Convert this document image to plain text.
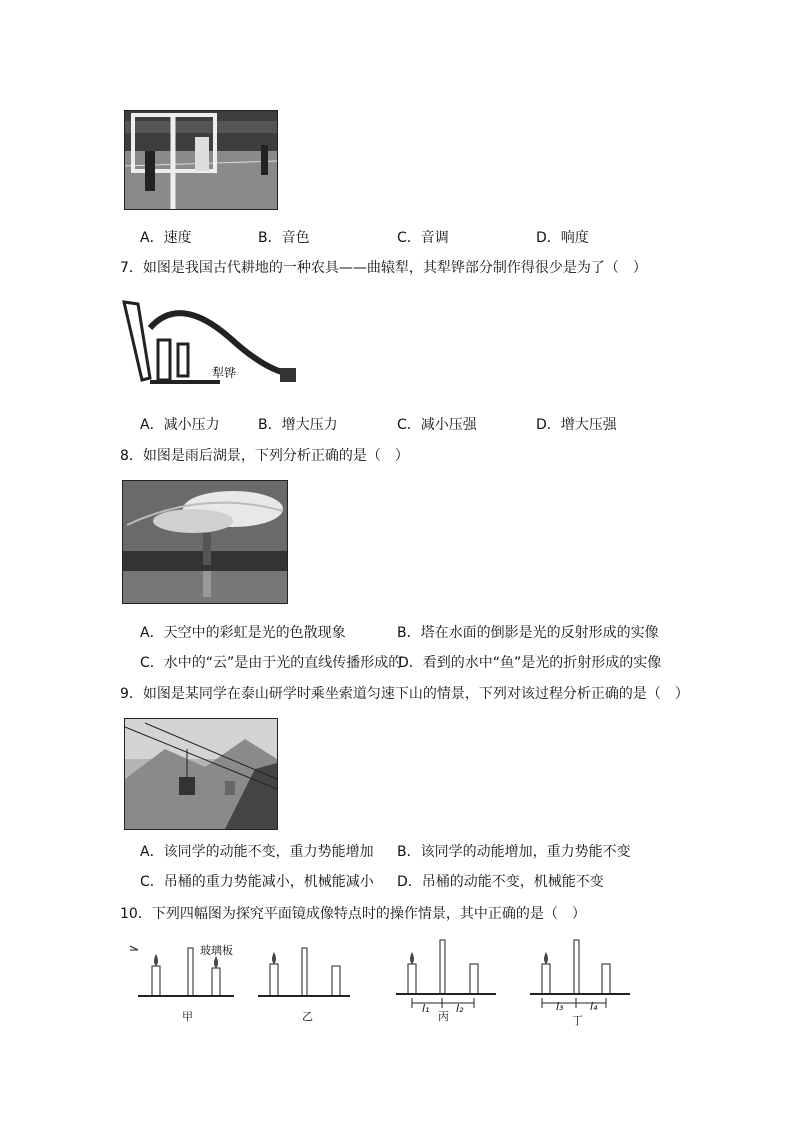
A．速度	B．音色	C．音调	D．响度
7．如图是我国古代耕地的一种农具——曲辕犁，其犁铧部分制作得很少是为了（　）
犁铧
A．减小压力	B．增大压力	C．减小压强	D．增大压强
8．如图是雨后湖景，下列分析正确的是（　）
A．天空中的彩虹是光的色散现象	B．塔在水面的倒影是光的反射形成的实像
C．水中的“云”是由于光的直线传播形成的
D．看到的水中“鱼”是光的折射形成的实像
9．如图是某同学在泰山研学时乘坐索道匀速下山的情景，下列对该过程分析正确的是（　）
A．该同学的动能不变，重力势能增加 B．该同学的动能增加，重力势能不变
C．吊桶的重力势能减小，机械能减小 D．吊桶的动能不变，机械能不变
10．下列四幅图为探究平面镜成像特点时的操作情景，其中正确的是（　）
玻璃板
甲	乙
l₁ l₂
丙
l₃ l₄
丁
